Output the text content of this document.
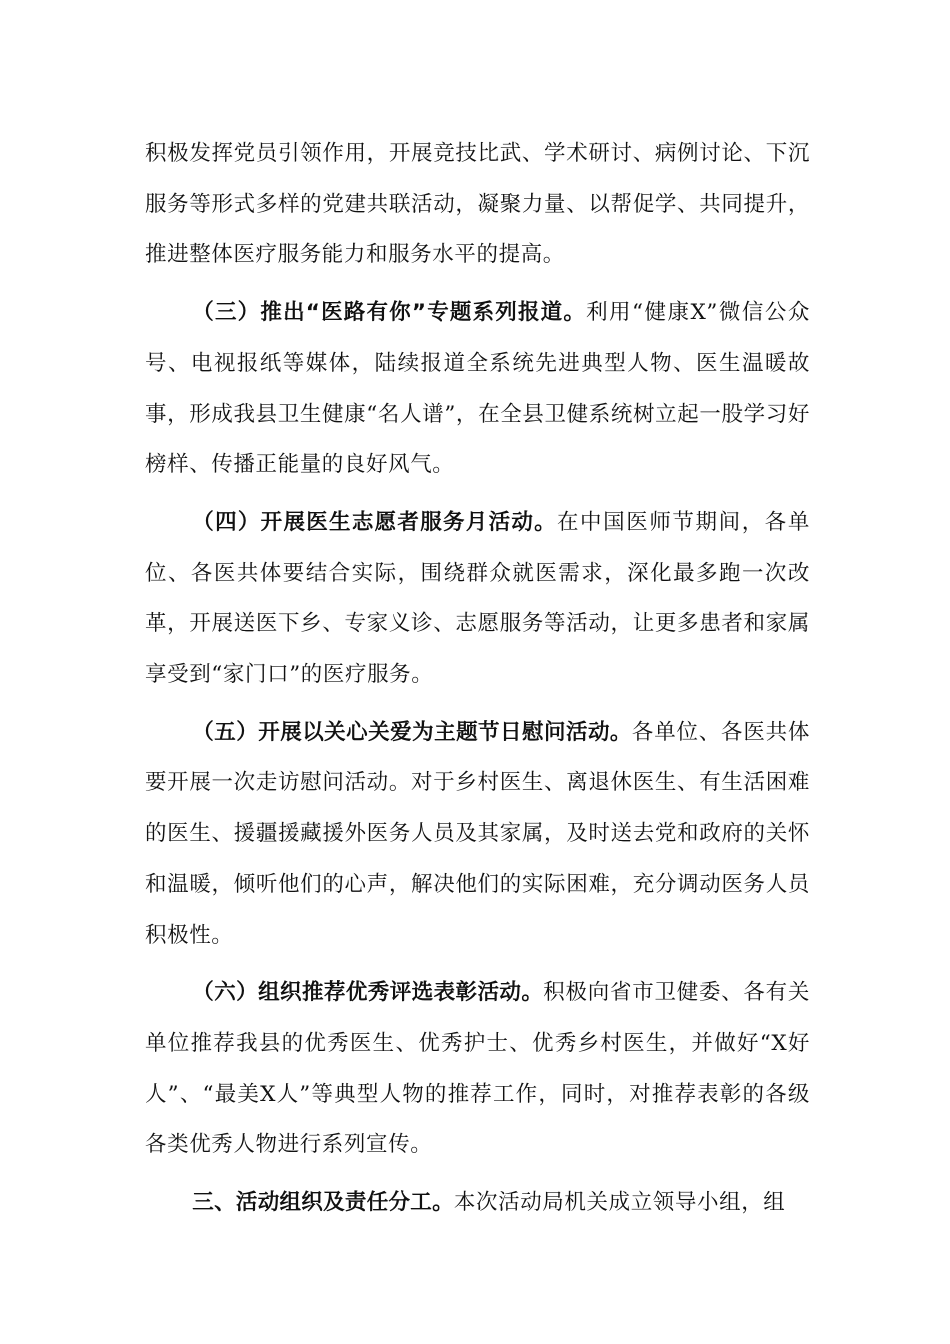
积极发挥党员引领作用，开展竞技比武、学术研讨、病例讨论、下沉服务等形式多样的党建共联活动，凝聚力量、以帮促学、共同提升，推进整体医疗服务能力和服务水平的提高。

（三）推出“医路有你”专题系列报道。利用“健康X”微信公众号、电视报纸等媒体，陆续报道全系统先进典型人物、医生温暖故事，形成我县卫生健康“名人谱”，在全县卫健系统树立起一股学习好榜样、传播正能量的良好风气。

（四）开展医生志愿者服务月活动。在中国医师节期间，各单位、各医共体要结合实际，围绕群众就医需求，深化最多跑一次改革，开展送医下乡、专家义诊、志愿服务等活动，让更多患者和家属享受到“家门口”的医疗服务。

（五）开展以关心关爱为主题节日慰问活动。各单位、各医共体要开展一次走访慰问活动。对于乡村医生、离退休医生、有生活困难的医生、援疆援藏援外医务人员及其家属，及时送去党和政府的关怀和温暖，倾听他们的心声，解决他们的实际困难，充分调动医务人员积极性。

（六）组织推荐优秀评选表彰活动。积极向省市卫健委、各有关单位推荐我县的优秀医生、优秀护士、优秀乡村医生，并做好“X好人”、“最美X人”等典型人物的推荐工作，同时，对推荐表彰的各级各类优秀人物进行系列宣传。

三、活动组织及责任分工。本次活动局机关成立领导小组，组
